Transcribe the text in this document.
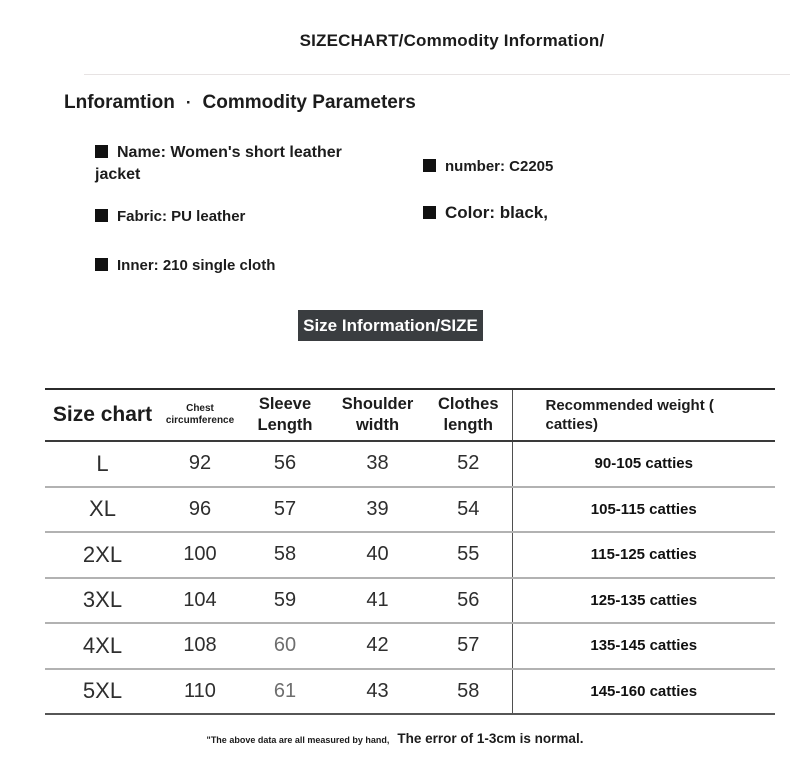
SIZECHART/Commodity Information/
Lnforamtion · Commodity Parameters
Name: Women's short leather jacket	number: C2205
Fabric: PU leather	Color: black,
Inner: 210 single cloth
Size Information/SIZE
Size chart	Chest circumference	Sleeve Length	Shoulder width	Clothes length	Recommended weight ( catties)
L	92	56	38	52	90-105 catties
XL	96	57	39	54	105-115 catties
2XL	100	58	40	55	115-125 catties
3XL	104	59	41	56	125-135 catties
4XL	108	60	42	57	135-145 catties
5XL	110	61	43	58	145-160 catties
"The above data are all measured by hand, The error of 1-3cm is normal.
